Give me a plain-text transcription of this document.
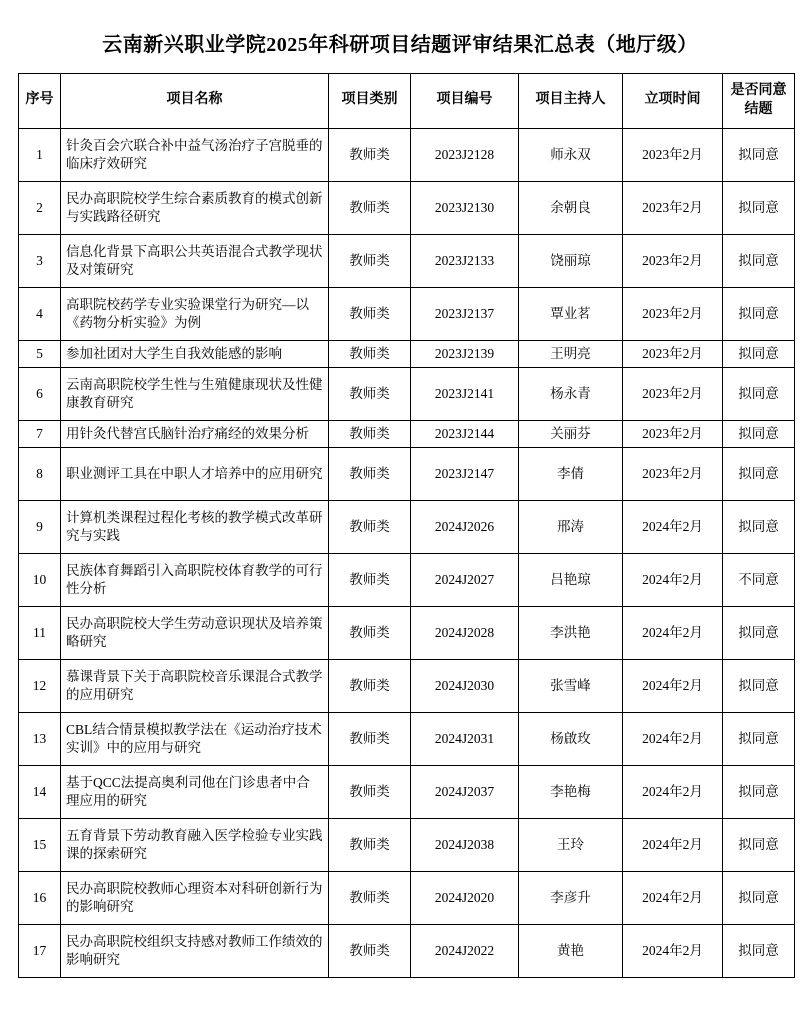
云南新兴职业学院2025年科研项目结题评审结果汇总表（地厅级）
序号	项目名称	项目类别	项目编号	项目主持人	立项时间	是否同意结题
1	针灸百会穴联合补中益气汤治疗子宫脱垂的临床疗效研究	教师类	2023J2128	师永双	2023年2月	拟同意
2	民办高职院校学生综合素质教育的模式创新与实践路径研究	教师类	2023J2130	余朝良	2023年2月	拟同意
3	信息化背景下高职公共英语混合式教学现状及对策研究	教师类	2023J2133	饶丽琼	2023年2月	拟同意
4	高职院校药学专业实验课堂行为研究—以《药物分析实验》为例	教师类	2023J2137	覃业茗	2023年2月	拟同意
5	参加社团对大学生自我效能感的影响	教师类	2023J2139	王明亮	2023年2月	拟同意
6	云南高职院校学生性与生殖健康现状及性健康教育研究	教师类	2023J2141	杨永青	2023年2月	拟同意
7	用针灸代替宫氏脑针治疗痛经的效果分析	教师类	2023J2144	关丽芬	2023年2月	拟同意
8	职业测评工具在中职人才培养中的应用研究	教师类	2023J2147	李倩	2023年2月	拟同意
9	计算机类课程过程化考核的教学模式改革研究与实践	教师类	2024J2026	邢涛	2024年2月	拟同意
10	民族体育舞蹈引入高职院校体育教学的可行性分析	教师类	2024J2027	吕艳琼	2024年2月	不同意
11	民办高职院校大学生劳动意识现状及培养策略研究	教师类	2024J2028	李洪艳	2024年2月	拟同意
12	慕课背景下关于高职院校音乐课混合式教学的应用研究	教师类	2024J2030	张雪峰	2024年2月	拟同意
13	CBL结合情景模拟教学法在《运动治疗技术实训》中的应用与研究	教师类	2024J2031	杨啟玫	2024年2月	拟同意
14	基于QCC法提高奥利司他在门诊患者中合理应用的研究	教师类	2024J2037	李艳梅	2024年2月	拟同意
15	五育背景下劳动教育融入医学检验专业实践课的探索研究	教师类	2024J2038	王玲	2024年2月	拟同意
16	民办高职院校教师心理资本对科研创新行为的影响研究	教师类	2024J2020	李彦升	2024年2月	拟同意
17	民办高职院校组织支持感对教师工作绩效的影响研究	教师类	2024J2022	黄艳	2024年2月	拟同意
